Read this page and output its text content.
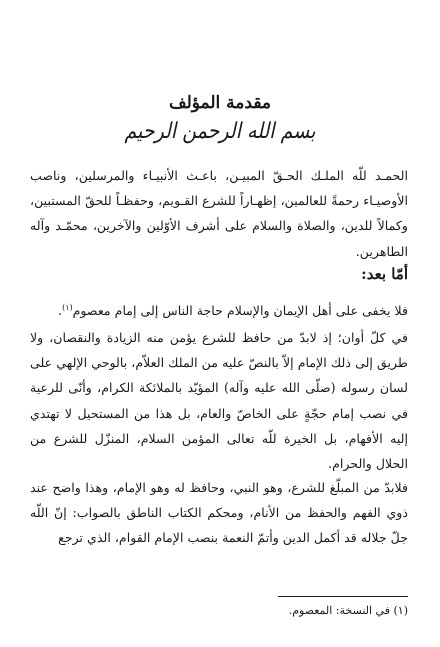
مقدمة المؤلف
بسم الله الرحمن الرحيم

الحمـد للّه الملـك الحـقّ المبيـن، باعـث الأنبيـاء والمرسلين، وناصب الأوصيـاء رحمةً للعالمين، إظهـاراً للشرع القـويم، وحفظـاً للحقّ المستبين، وكمالاً للدين، والصلاة والسلام على أشرف الأوّلين والآخرين، محمّـد وآله الطاهرين.

أمّا بعد:

فلا يخفى على أهل الإيمان والإسلام حاجة الناس إلى إمام معصوم$^{(١)}$.

في كلّ أوان؛ إذ لابدّ من حافظ للشرع يؤمن منه الزيادة والنقصان، ولا طريق إلى ذلك الإمام إلاّ بالنصّ عليه من الملك العلاّم، بالوحي الإلهي على لسان رسوله (صلّى الله عليه وآله) المؤيّد بالملائكة الكرام، وأنّى للرعية في نصب إمام حجّةٍ على الخاصّ والعام، بل هذا من المستحيل لا تهتدي إليه الأفهام، بل الخيرة للّه تعالى المؤمن السلام، المنزّل للشرع من الحلال والحرام.

فلابدّ من المبلّغ للشرع، وهو النبي، وحافظ له وهو الإمام، وهذا واضح عند ذوي الفهم والحفظ من الأنام، ومحكم الكتاب الناطق بالصواب: إنّ اللّه جلّ جلاله قد أكمل الدين وأتمّ النعمة بنصب الإمام القوام، الذي ترجع

(١) في النسخة: المعصوم.
